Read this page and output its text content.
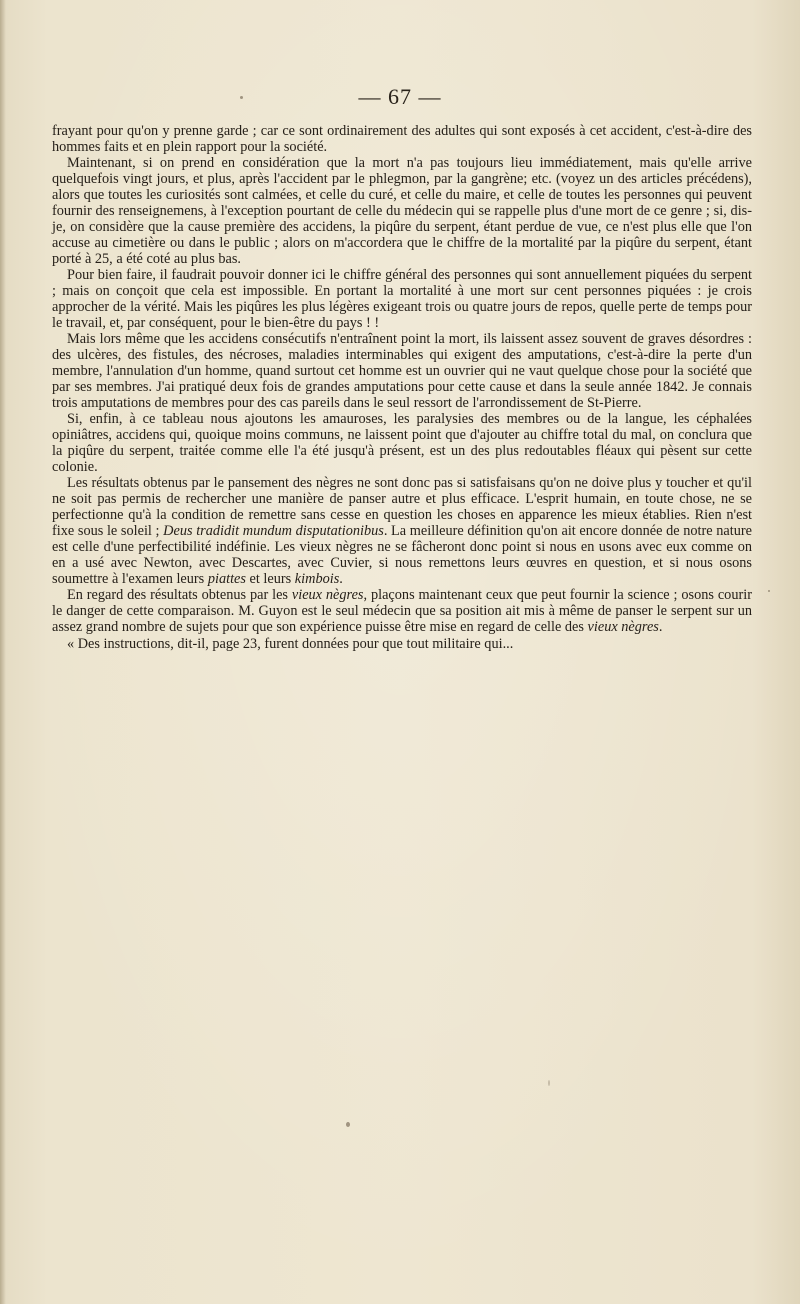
— 67 —

frayant pour qu'on y prenne garde ; car ce sont ordinairement des adultes qui sont exposés à cet accident, c'est-à-dire des hommes faits et en plein rapport pour la société.

Maintenant, si on prend en considération que la mort n'a pas toujours lieu immédiatement, mais qu'elle arrive quelquefois vingt jours, et plus, après l'accident par le phlegmon, par la gangrène; etc. (voyez un des articles précédens), alors que toutes les curiosités sont calmées, et celle du curé, et celle du maire, et celle de toutes les personnes qui peuvent fournir des renseignemens, à l'exception pourtant de celle du médecin qui se rappelle plus d'une mort de ce genre ; si, dis-je, on considère que la cause première des accidens, la piqûre du serpent, étant perdue de vue, ce n'est plus elle que l'on accuse au cimetière ou dans le public ; alors on m'accordera que le chiffre de la mortalité par la piqûre du serpent, étant porté à 25, a été coté au plus bas.

Pour bien faire, il faudrait pouvoir donner ici le chiffre général des personnes qui sont annuellement piquées du serpent ; mais on conçoit que cela est impossible. En portant la mortalité à une mort sur cent personnes piquées : je crois approcher de la vérité. Mais les piqûres les plus légères exigeant trois ou quatre jours de repos, quelle perte de temps pour le travail, et, par conséquent, pour le bien-être du pays ! !

Mais lors même que les accidens consécutifs n'entraînent point la mort, ils laissent assez souvent de graves désordres : des ulcères, des fistules, des nécroses, maladies interminables qui exigent des amputations, c'est-à-dire la perte d'un membre, l'annulation d'un homme, quand surtout cet homme est un ouvrier qui ne vaut quelque chose pour la société que par ses membres. J'ai pratiqué deux fois de grandes amputations pour cette cause et dans la seule année 1842. Je connais trois amputations de membres pour des cas pareils dans le seul ressort de l'arrondissement de St-Pierre.

Si, enfin, à ce tableau nous ajoutons les amauroses, les paralysies des membres ou de la langue, les céphalées opiniâtres, accidens qui, quoique moins communs, ne laissent point que d'ajouter au chiffre total du mal, on conclura que la piqûre du serpent, traitée comme elle l'a été jusqu'à présent, est un des plus redoutables fléaux qui pèsent sur cette colonie.

Les résultats obtenus par le pansement des nègres ne sont donc pas si satisfaisans qu'on ne doive plus y toucher et qu'il ne soit pas permis de rechercher une manière de panser autre et plus efficace. L'esprit humain, en toute chose, ne se perfectionne qu'à la condition de remettre sans cesse en question les choses en apparence les mieux établies. Rien n'est fixe sous le soleil ; Deus tradidit mundum disputationibus. La meilleure définition qu'on ait encore donnée de notre nature est celle d'une perfectibilité indéfinie. Les vieux nègres ne se fâcheront donc point si nous en usons avec eux comme on en a usé avec Newton, avec Descartes, avec Cuvier, si nous remettons leurs œuvres en question, et si nous osons soumettre à l'examen leurs piattes et leurs kimbois.

En regard des résultats obtenus par les vieux nègres, plaçons maintenant ceux que peut fournir la science ; osons courir le danger de cette comparaison. M. Guyon est le seul médecin que sa position ait mis à même de panser le serpent sur un assez grand nombre de sujets pour que son expérience puisse être mise en regard de celle des vieux nègres.

« Des instructions, dit-il, page 23, furent données pour que tout militaire qui...
